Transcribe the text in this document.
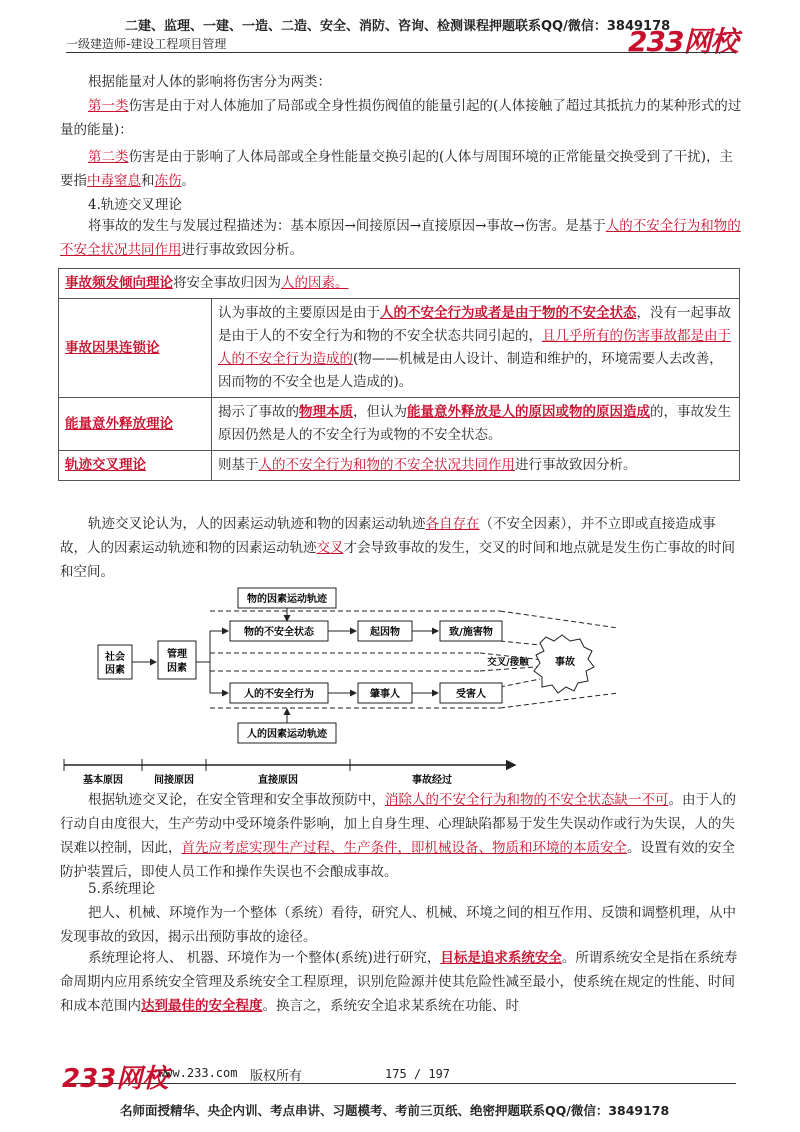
二建、监理、一建、一造、二造、安全、消防、咨询、检测课程押题联系QQ/微信：3849178
一级建造师-建设工程项目管理	233网校
根据能量对人体的影响将伤害分为两类：
第一类伤害是由于对人体施加了局部或全身性损伤阀值的能量引起的(人体接触了超过其抵抗力的某种形式的过量的能量)：
第二类伤害是由于影响了人体局部或全身性能量交换引起的(人体与周围环境的正常能量交换受到了干扰)，主要指中毒窒息和冻伤。
4.轨迹交叉理论
将事故的发生与发展过程描述为：基本原因→间接原因→直接原因→事故→伤害。是基于人的不安全行为和物的不安全状况共同作用进行事故致因分析。
事故频发倾向理论将安全事故归因为人的因素。	
事故因果连锁论	认为事故的主要原因是由于人的不安全行为或者是由于物的不安全状态，没有一起事故是由于人的不安全行为和物的不安全状态共同引起的，且几乎所有的伤害事故都是由于人的不安全行为造成的(物——机械是由人设计、制造和维护的，环境需要人去改善，因而物的不安全也是人造成的)。
能量意外释放理论	揭示了事故的物理本质，但认为能量意外释放是人的原因或物的原因造成的，事故发生原因仍然是人的不安全行为或物的不安全状态。
轨迹交叉理论	则基于人的不安全行为和物的不安全状况共同作用进行事故致因分析。
轨迹交叉论认为，人的因素运动轨迹和物的因素运动轨迹各自存在（不安全因素），并不立即或直接造成事故，人的因素运动轨迹和物的因素运动轨迹交叉才会导致事故的发生，交叉的时间和地点就是发生伤亡事故的时间和空间。
物的因素运动轨迹
社会
因素
管理
因素
物的不安全状态	起因物	致/施害物
人的不安全行为	肇事人	受害人
交叉/接触	事故
人的因素运动轨迹
基本原因	间接原因	直接原因	事故经过
根据轨迹交叉论，在安全管理和安全事故预防中，消除人的不安全行为和物的不安全状态缺一不可。由于人的行动自由度很大，生产劳动中受环境条件影响，加上自身生理、心理缺陷都易于发生失误动作或行为失误，人的失误难以控制，因此，首先应考虑实现生产过程、生产条件，即机械设备、物质和环境的本质安全。设置有效的安全防护装置后，即使人员工作和操作失误也不会酿成事故。
5.系统理论
把人、机械、环境作为一个整体（系统）看待，研究人、机械、环境之间的相互作用、反馈和调整机理，从中发现事故的致因，揭示出预防事故的途径。
系统理论将人、 机器、环境作为一个整体(系统)进行研究，目标是追求系统安全。所谓系统安全是指在系统寿命周期内应用系统安全管理及系统安全工程原理，识别危险源并使其危险性减至最小，使系统在规定的性能、时间和成本范围内达到最佳的安全程度。换言之，系统安全追求某系统在功能、时
233网校
www.233.com 版权所有	175 / 197
名师面授精华、央企内训、考点串讲、习题模考、考前三页纸、绝密押题联系QQ/微信：3849178
